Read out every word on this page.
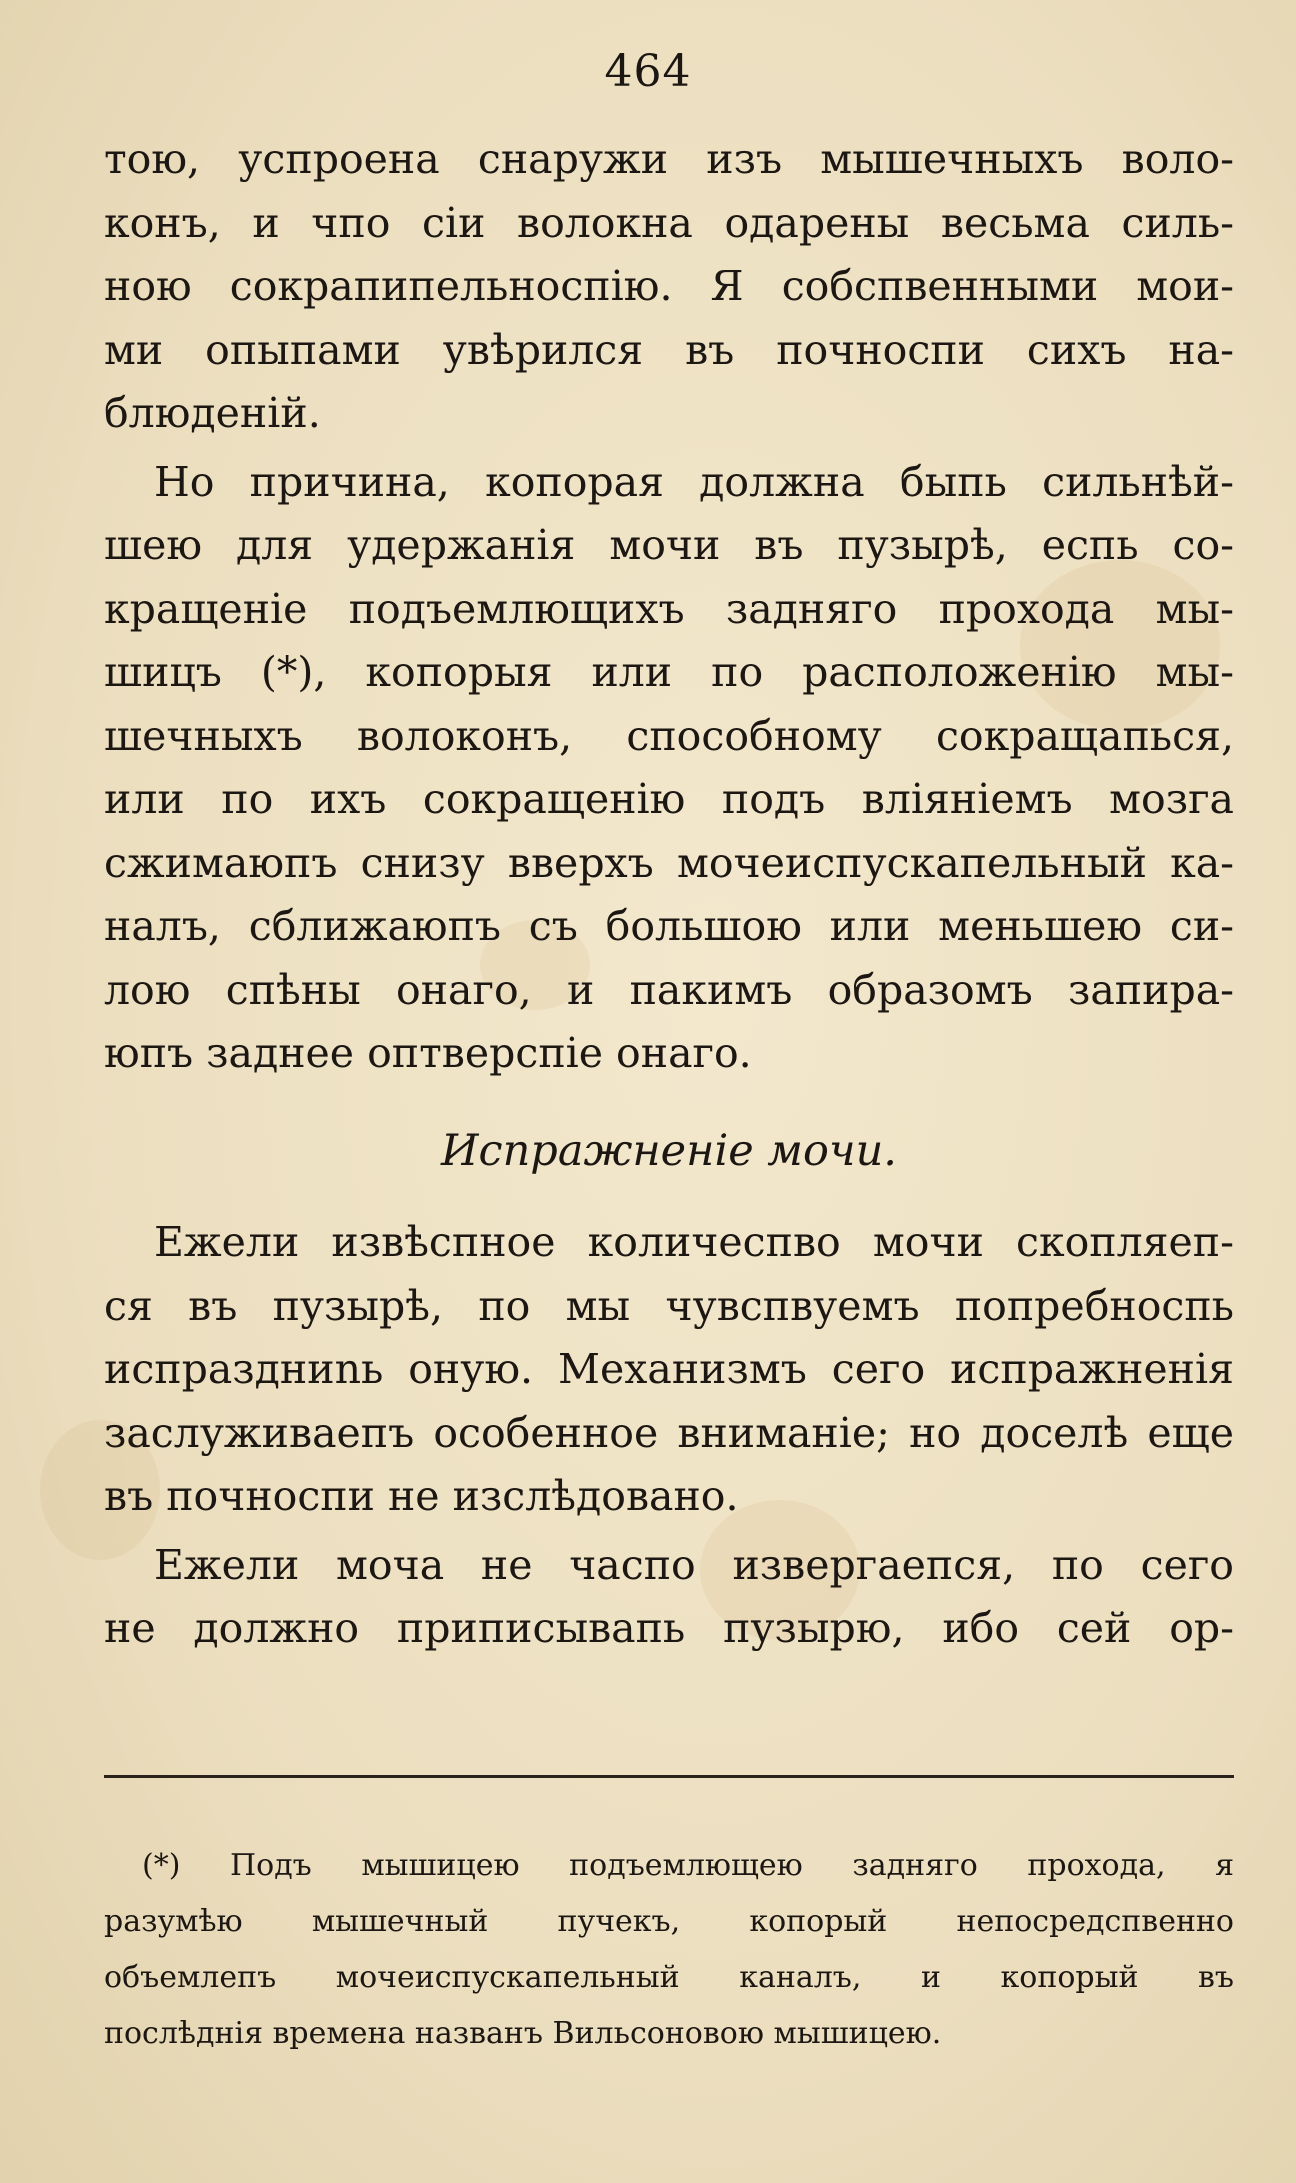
464
тою, успроена снаружи изъ мышечныхъ воло-
конъ, и чпо сіи волокна одарены весьма силь-
ною сокрапипельноспію. Я собспвенными мои-
ми опыпами увѣрился въ почноспи сихъ на-
блюденій.
Но причина, копорая должна быпь сильнѣй-
шею для удержанія мочи въ пузырѣ, еспь со-
кращеніе подъемлющихъ задняго прохода мы-
шицъ (*), копорыя или по расположенію мы-
шечныхъ волоконъ, способному сокращапься,
или по ихъ сокращенію подъ вліяніемъ мозга
сжимаюпъ снизу вверхъ мочеиспускапельный ка-
налъ, сближаюпъ съ большою или меньшею си-
лою спѣны онаго, и пакимъ образомъ запира-
юпъ заднее оптверспіе онаго.
Испражненіе мочи.
Ежели извѣспное количеспво мочи скопляеп-
ся въ пузырѣ, по мы чувспвуемъ попребноспь
испраздниnь оную. Механизмъ сего испражненія
заслуживаепъ особенное вниманіе; но доселѣ еще
въ почноспи не изслѣдовано.
Ежели моча не часпо извергаепся, по сего
не должно приписывапь пузырю, ибо сей ор-
(*) Подъ мышицею подъемлющею задняго прохода, я
разумѣю мышечный пучекъ, копорый непосредспвенно
объемлепъ мочеиспускапельный каналъ, и копорый въ
послѣднія времена названъ Вильсоновою мышицею.
